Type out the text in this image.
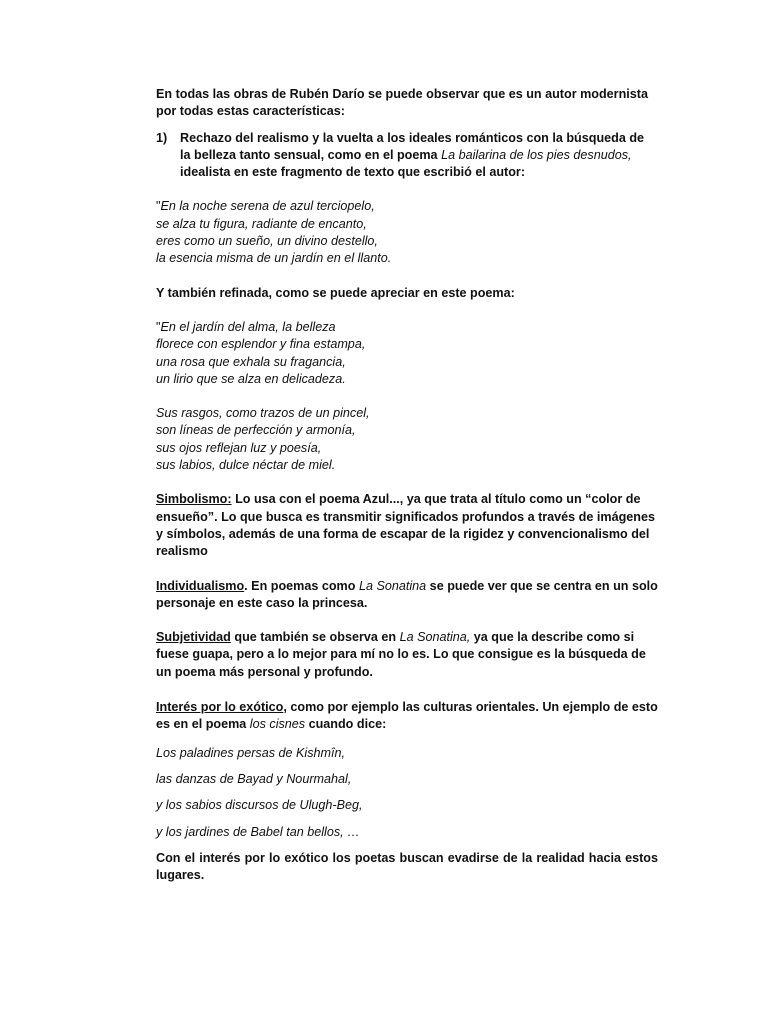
En todas las obras de Rubén Darío se puede observar que es un autor modernista por todas estas características:

1)	Rechazo del realismo y la vuelta a los ideales románticos con la búsqueda de la belleza tanto sensual, como en el poema La bailarina de los pies desnudos, idealista en este fragmento de texto que escribió el autor:
"En la noche serena de azul terciopelo,
se alza tu figura, radiante de encanto,
eres como un sueño, un divino destello,
la esencia misma de un jardín en el llanto.

Y también refinada, como se puede apreciar en este poema:

"En el jardín del alma, la belleza
florece con esplendor y fina estampa,
una rosa que exhala su fragancia,
un lirio que se alza en delicadeza.
Sus rasgos, como trazos de un pincel,
son líneas de perfección y armonía,
sus ojos reflejan luz y poesía,
sus labios, dulce néctar de miel.

Simbolismo: Lo usa con el poema Azul..., ya que trata al título como un “color de ensueño”. Lo que busca es transmitir significados profundos a través de imágenes y símbolos, además de una forma de escapar de la rigidez y convencionalismo del realismo

Individualismo. En poemas como La Sonatina se puede ver que se centra en un solo personaje en este caso la princesa.

Subjetividad que también se observa en La Sonatina, ya que la describe como si fuese guapa, pero a lo mejor para mí no lo es. Lo que consigue es la búsqueda de un poema más personal y profundo.

Interés por lo exótico, como por ejemplo las culturas orientales. Un ejemplo de esto es en el poema los cisnes cuando dice:

Los paladines persas de Kishmîn,

las danzas de Bayad y Nourmahal,

y los sabios discursos de Ulugh-Beg,

y los jardines de Babel tan bellos, …

Con el interés por lo exótico los poetas buscan evadirse de la realidad hacia estos lugares.
